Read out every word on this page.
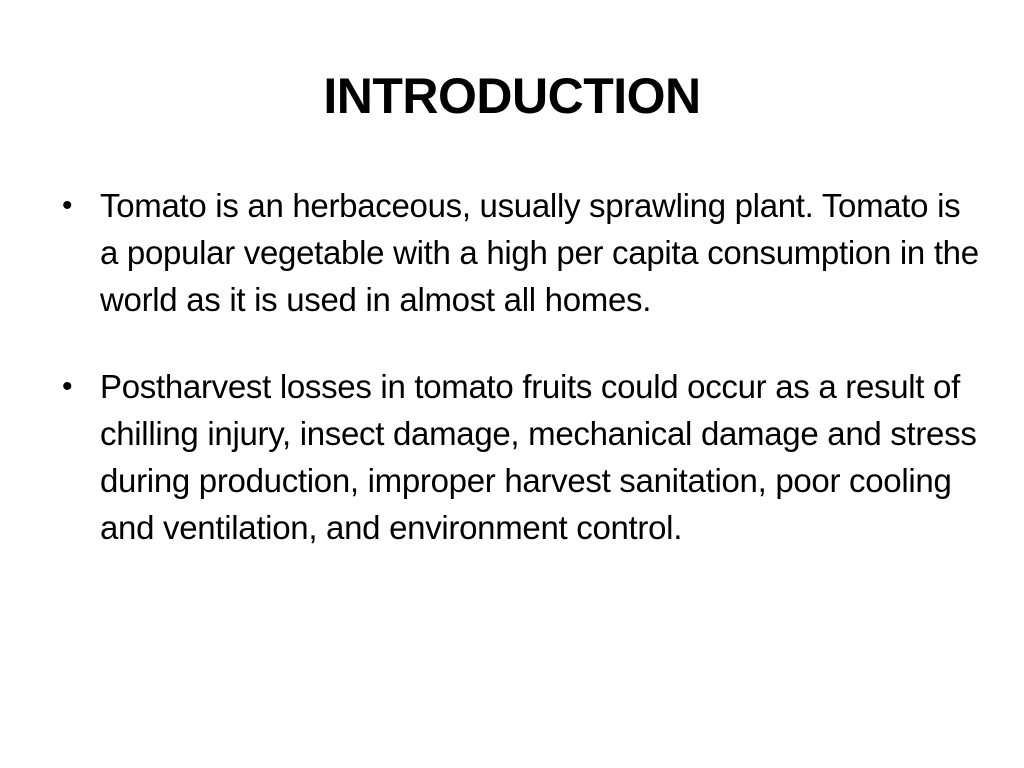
INTRODUCTION
• Tomato is an herbaceous, usually sprawling plant. Tomato is a popular vegetable with a high per capita consumption in the world as it is used in almost all homes.
• Postharvest losses in tomato fruits could occur as a result of chilling injury, insect damage, mechanical damage and stress during production, improper harvest sanitation, poor cooling and ventilation, and environment control.
